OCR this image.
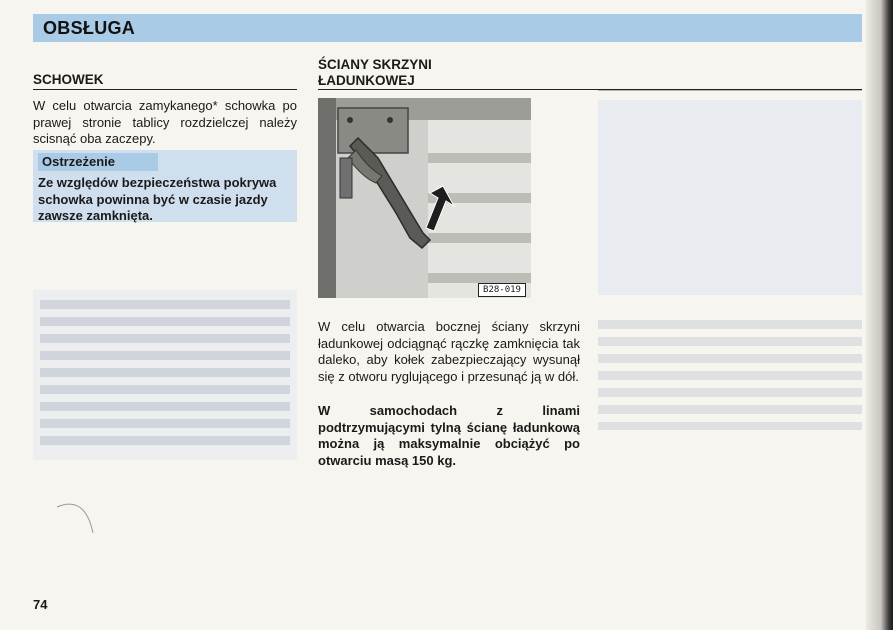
OBSŁUGA
SCHOWEK
W celu otwarcia zamykanego* schowka po prawej stronie tablicy rozdzielczej należy scisnąć oba zaczepy.
Ostrzeżenie
Ze względów bezpieczeństwa pokrywa schowka powinna być w czasie jazdy zawsze zamknięta.
ŚCIANY SKRZYNI ŁADUNKOWEJ
B28-019
W celu otwarcia bocznej ściany skrzyni ładunkowej odciągnąć rączkę zamknięcia tak daleko, aby kołek zabezpieczający wysunął się z otworu ryglującego i przesunąć ją w dół.
W samochodach z linami podtrzymującymi tylną ścianę ładunkową można ją maksymalnie obciążyć po otwarciu masą 150 kg.
74
